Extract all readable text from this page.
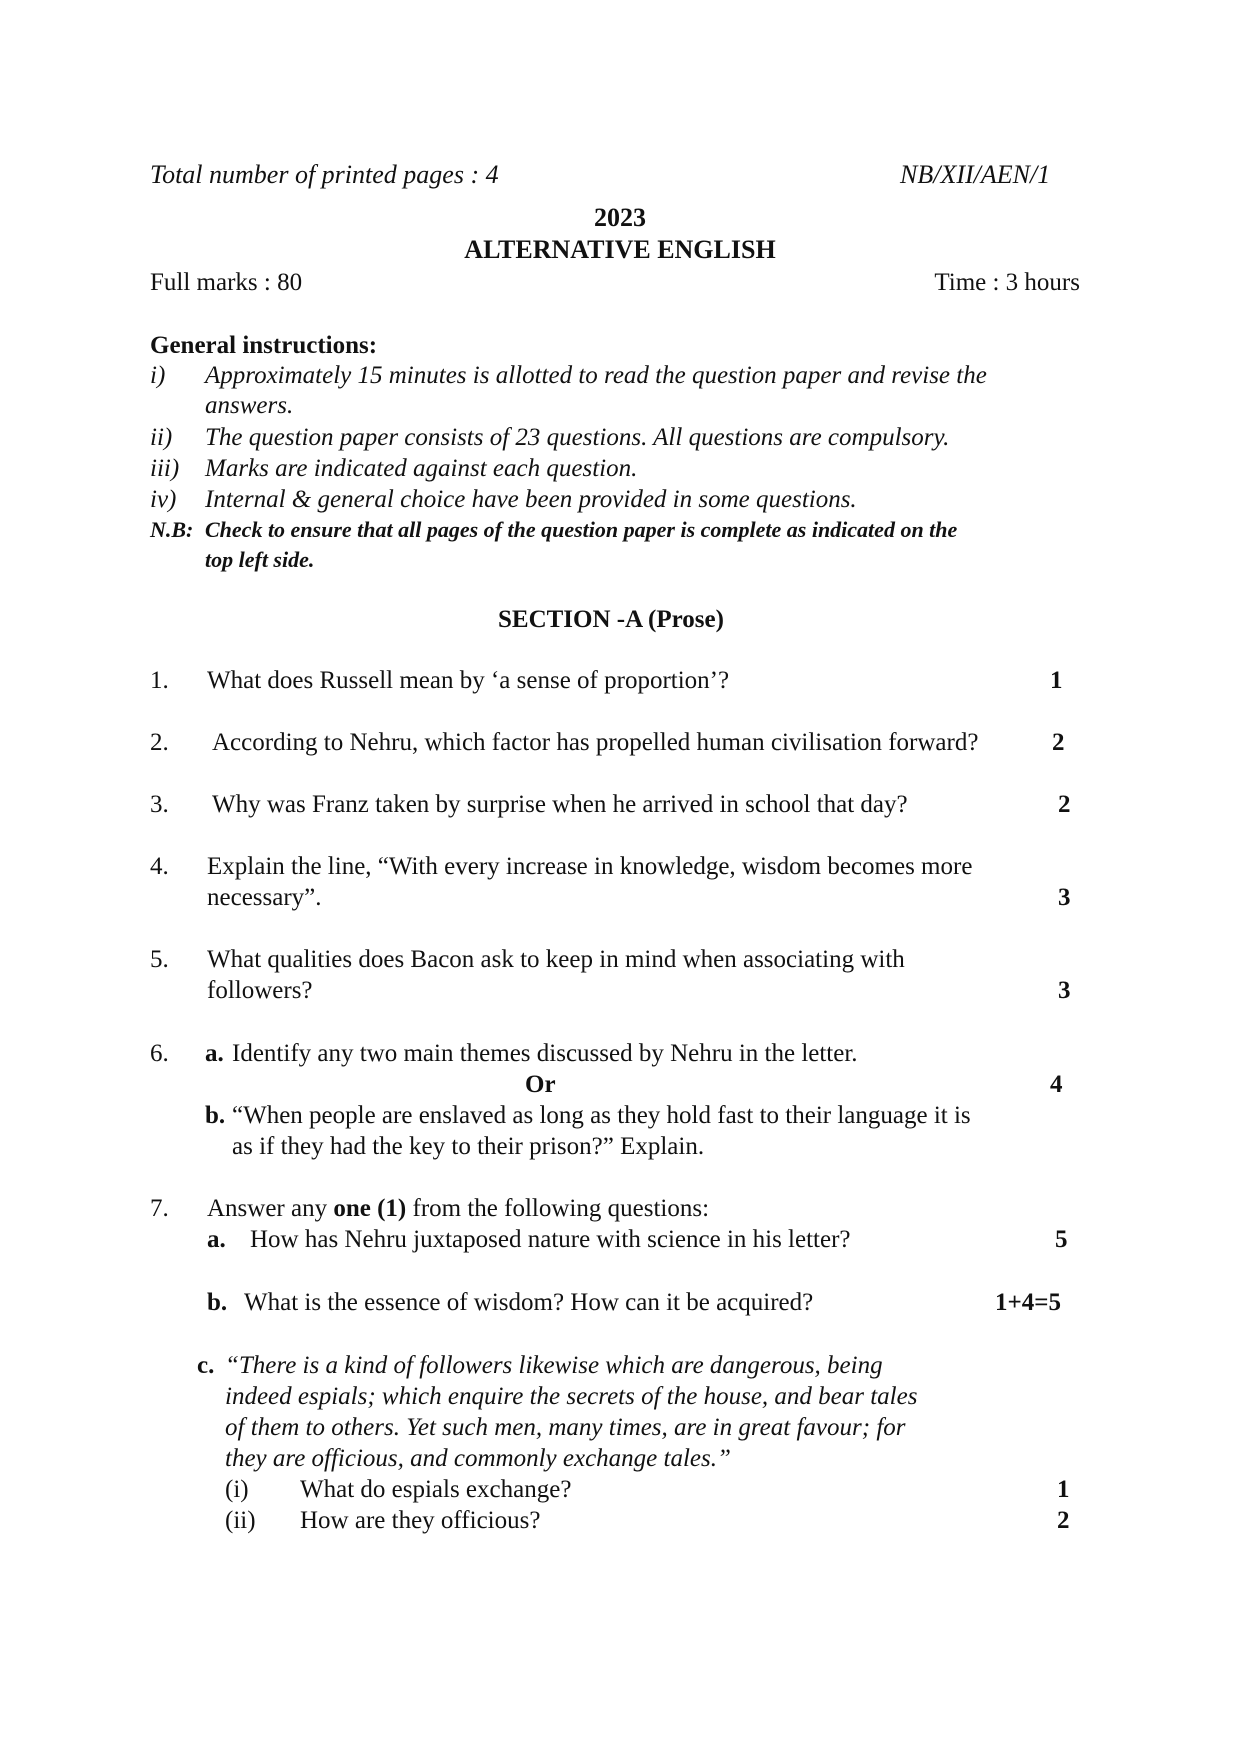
Total number of printed pages : 4	NB/XII/AEN/1
2023
ALTERNATIVE ENGLISH
Full marks : 80	Time : 3 hours
General instructions:
i) Approximately 15 minutes is allotted to read the question paper and revise the
answers.
ii) The question paper consists of 23 questions. All questions are compulsory.
iii) Marks are indicated against each question.
iv) Internal & general choice have been provided in some questions.
N.B: Check to ensure that all pages of the question paper is complete as indicated on the
top left side.
SECTION -A (Prose)
1. What does Russell mean by ‘a sense of proportion’?	1
2. According to Nehru, which factor has propelled human civilisation forward?	2
3. Why was Franz taken by surprise when he arrived in school that day?	2
4. Explain the line, “With every increase in knowledge, wisdom becomes more
necessary”.	3
5. What qualities does Bacon ask to keep in mind when associating with
followers?	3
6. a. Identify any two main themes discussed by Nehru in the letter.
Or	4
b. “When people are enslaved as long as they hold fast to their language it is
as if they had the key to their prison?” Explain.
7. Answer any one (1) from the following questions:
a. How has Nehru juxtaposed nature with science in his letter?	5
b. What is the essence of wisdom? How can it be acquired?	1+4=5
c. “There is a kind of followers likewise which are dangerous, being
indeed espials; which enquire the secrets of the house, and bear tales
of them to others. Yet such men, many times, are in great favour; for
they are officious, and commonly exchange tales.”
(i) What do espials exchange?	1
(ii) How are they officious?	2
